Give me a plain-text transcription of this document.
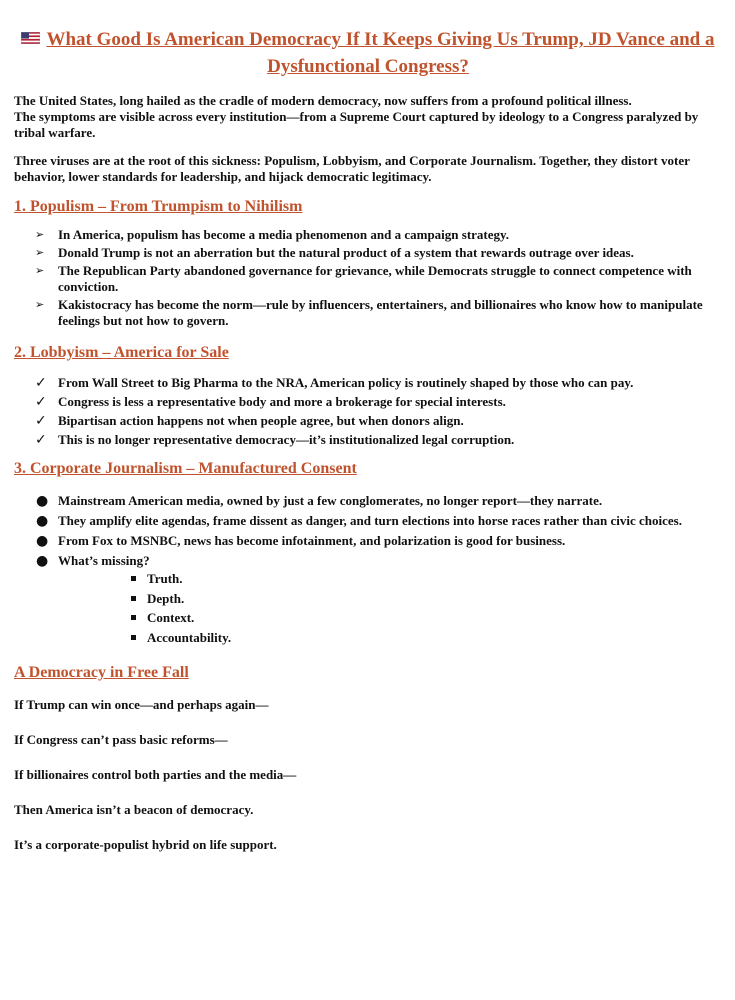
What Good Is American Democracy If It Keeps Giving Us Trump, JD Vance and a Dysfunctional Congress?

The United States, long hailed as the cradle of modern democracy, now suffers from a profound political illness.

The symptoms are visible across every institution—from a Supreme Court captured by ideology to a Congress paralyzed by tribal warfare.

Three viruses are at the root of this sickness: Populism, Lobbyism, and Corporate Journalism. Together, they distort voter behavior, lower standards for leadership, and hijack democratic legitimacy.

1. Populism – From Trumpism to Nihilism
➢ In America, populism has become a media phenomenon and a campaign strategy.
➢ Donald Trump is not an aberration but the natural product of a system that rewards outrage over ideas.
➢ The Republican Party abandoned governance for grievance, while Democrats struggle to connect competence with conviction.
➢ Kakistocracy has become the norm—rule by influencers, entertainers, and billionaires who know how to manipulate feelings but not how to govern.
2. Lobbyism – America for Sale
✓ From Wall Street to Big Pharma to the NRA, American policy is routinely shaped by those who can pay.
✓ Congress is less a representative body and more a brokerage for special interests.
✓ Bipartisan action happens not when people agree, but when donors align.
✓ This is no longer representative democracy—it’s institutionalized legal corruption.
3. Corporate Journalism – Manufactured Consent
● Mainstream American media, owned by just a few conglomerates, no longer report—they narrate.
● They amplify elite agendas, frame dissent as danger, and turn elections into horse races rather than civic choices.
● From Fox to MSNBC, news has become infotainment, and polarization is good for business.
● What’s missing?
Truth.
Depth.
Context.
Accountability.
A Democracy in Free Fall

If Trump can win once—and perhaps again—

If Congress can’t pass basic reforms—

If billionaires control both parties and the media—

Then America isn’t a beacon of democracy.

It’s a corporate-populist hybrid on life support.
